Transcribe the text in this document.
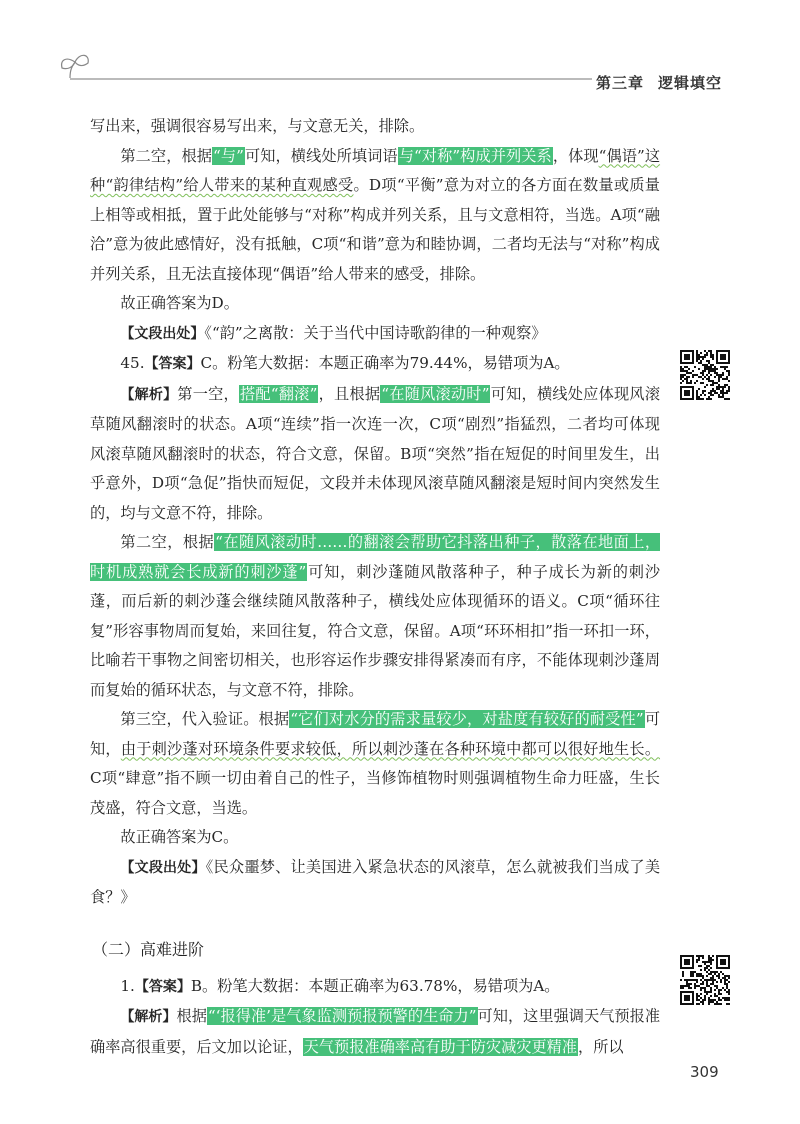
第三章 逻辑填空

写出来，强调很容易写出来，与文意无关，排除。

第二空，根据“与”可知，横线处所填词语与“对称”构成并列关系，体现“偶语”这种“韵律结构”给人带来的某种直观感受。D项“平衡”意为对立的各方面在数量或质量上相等或相抵，置于此处能够与“对称”构成并列关系，且与文意相符，当选。A项“融洽”意为彼此感情好，没有抵触，C项“和谐”意为和睦协调，二者均无法与“对称”构成并列关系，且无法直接体现“偶语”给人带来的感受，排除。

故正确答案为D。

【文段出处】《“韵”之离散：关于当代中国诗歌韵律的一种观察》

45.【答案】C。粉笔大数据：本题正确率为79.44%，易错项为A。

【解析】第一空，搭配“翻滚”，且根据“在随风滚动时”可知，横线处应体现风滚草随风翻滚时的状态。A项“连续”指一次连一次，C项“剧烈”指猛烈，二者均可体现风滚草随风翻滚时的状态，符合文意，保留。B项“突然”指在短促的时间里发生，出乎意外，D项“急促”指快而短促，文段并未体现风滚草随风翻滚是短时间内突然发生的，均与文意不符，排除。

第二空，根据“在随风滚动时……的翻滚会帮助它抖落出种子，散落在地面上，时机成熟就会长成新的刺沙蓬”可知，刺沙蓬随风散落种子，种子成长为新的刺沙蓬，而后新的刺沙蓬会继续随风散落种子，横线处应体现循环的语义。C项“循环往复”形容事物周而复始，来回往复，符合文意，保留。A项“环环相扣”指一环扣一环，比喻若干事物之间密切相关，也形容运作步骤安排得紧凑而有序，不能体现刺沙蓬周而复始的循环状态，与文意不符，排除。

第三空，代入验证。根据“它们对水分的需求量较少，对盐度有较好的耐受性”可知，由于刺沙蓬对环境条件要求较低，所以刺沙蓬在各种环境中都可以很好地生长。C项“肆意”指不顾一切由着自己的性子，当修饰植物时则强调植物生命力旺盛，生长茂盛，符合文意，当选。

故正确答案为C。

【文段出处】《民众噩梦、让美国进入紧急状态的风滚草，怎么就被我们当成了美食？》

（二）高难进阶

1.【答案】B。粉笔大数据：本题正确率为63.78%，易错项为A。

【解析】根据“‘报得准’是气象监测预报预警的生命力”可知，这里强调天气预报准确率高很重要，后文加以论证，天气预报准确率高有助于防灾减灾更精准，所以

309
